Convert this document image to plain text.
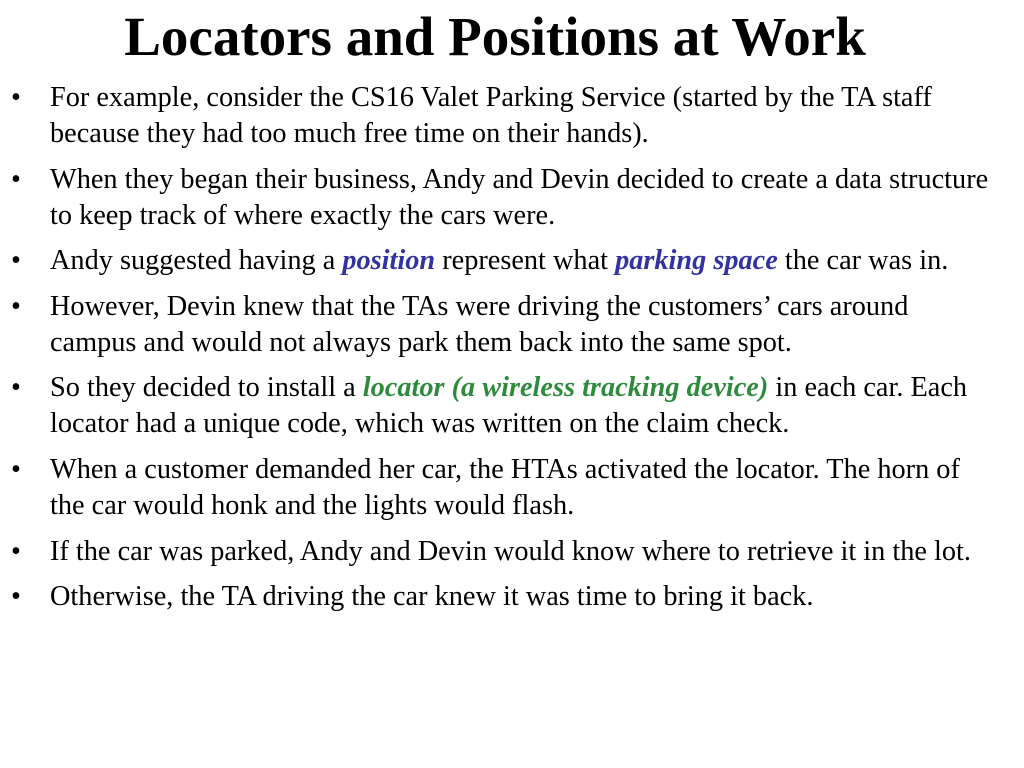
Locators and Positions at Work
• For example, consider the CS16 Valet Parking Service (started by the TA staff because they had too much free time on their hands).
• When they began their business, Andy and Devin decided to create a data structure to keep track of where exactly the cars were.
• Andy suggested having a position represent what parking space the car was in.
• However, Devin knew that the TAs were driving the customers’ cars around campus and would not always park them back into the same spot.
• So they decided to install a locator (a wireless tracking device) in each car. Each locator had a unique code, which was written on the claim check.
• When a customer demanded her car, the HTAs activated the locator. The horn of the car would honk and the lights would flash.
• If the car was parked, Andy and Devin would know where to retrieve it in the lot.
• Otherwise, the TA driving the car knew it was time to bring it back.
